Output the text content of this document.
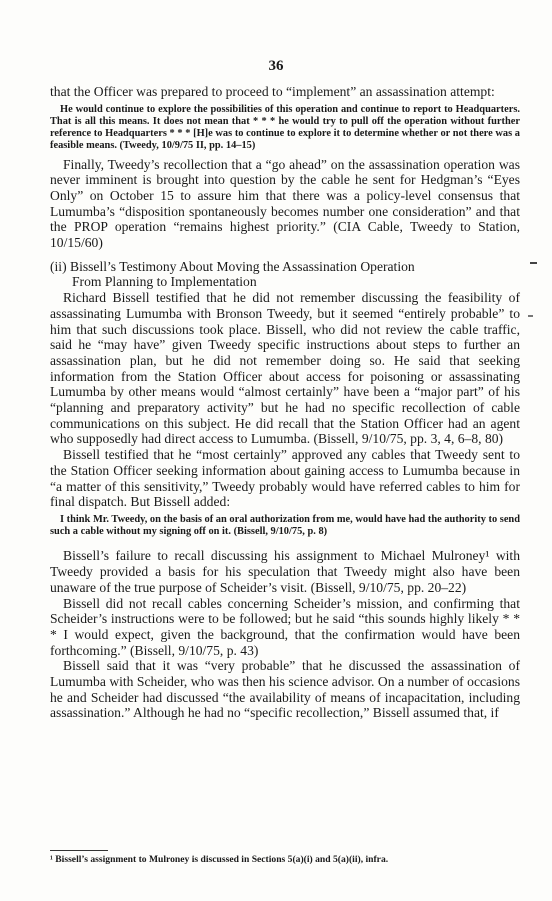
36

that the Officer was prepared to proceed to “implement” an assassination attempt:

He would continue to explore the possibilities of this operation and continue to report to Headquarters. That is all this means. It does not mean that * * * he would try to pull off the operation without further reference to Headquarters * * * [H]e was to continue to explore it to determine whether or not there was a feasible means. (Tweedy, 10/9/75 II, pp. 14–15)

Finally, Tweedy’s recollection that a “go ahead” on the assassination operation was never imminent is brought into question by the cable he sent for Hedgman’s “Eyes Only” on October 15 to assure him that there was a policy-level consensus that Lumumba’s “disposition spontaneously becomes number one consideration” and that the PROP operation “remains highest priority.” (CIA Cable, Tweedy to Station, 10/15/60)

(ii) Bissell’s Testimony About Moving the Assassination Operation

From Planning to Implementation

Richard Bissell testified that he did not remember discussing the feasibility of assassinating Lumumba with Bronson Tweedy, but it seemed “entirely probable” to him that such discussions took place. Bissell, who did not review the cable traffic, said he “may have” given Tweedy specific instructions about steps to further an assassination plan, but he did not remember doing so. He said that seeking information from the Station Officer about access for poisoning or assassinating Lumumba by other means would “almost certainly” have been a “major part” of his “planning and preparatory activity” but he had no specific recollection of cable communications on this subject. He did recall that the Station Officer had an agent who supposedly had direct access to Lumumba. (Bissell, 9/10/75, pp. 3, 4, 6–8, 80)

Bissell testified that he “most certainly” approved any cables that Tweedy sent to the Station Officer seeking information about gaining access to Lumumba because in “a matter of this sensitivity,” Tweedy probably would have referred cables to him for final dispatch. But Bissell added:

I think Mr. Tweedy, on the basis of an oral authorization from me, would have had the authority to send such a cable without my signing off on it. (Bissell, 9/10/75, p. 8)

Bissell’s failure to recall discussing his assignment to Michael Mulroney¹ with Tweedy provided a basis for his speculation that Tweedy might also have been unaware of the true purpose of Scheider’s visit. (Bissell, 9/10/75, pp. 20–22)

Bissell did not recall cables concerning Scheider’s mission, and confirming that Scheider’s instructions were to be followed; but he said “this sounds highly likely * * * I would expect, given the background, that the confirmation would have been forthcoming.” (Bissell, 9/10/75, p. 43)

Bissell said that it was “very probable” that he discussed the assassination of Lumumba with Scheider, who was then his science advisor. On a number of occasions he and Scheider had discussed “the availability of means of incapacitation, including assassination.” Although he had no “specific recollection,” Bissell assumed that, if

¹ Bissell’s assignment to Mulroney is discussed in Sections 5(a)(i) and 5(a)(ii), infra.
